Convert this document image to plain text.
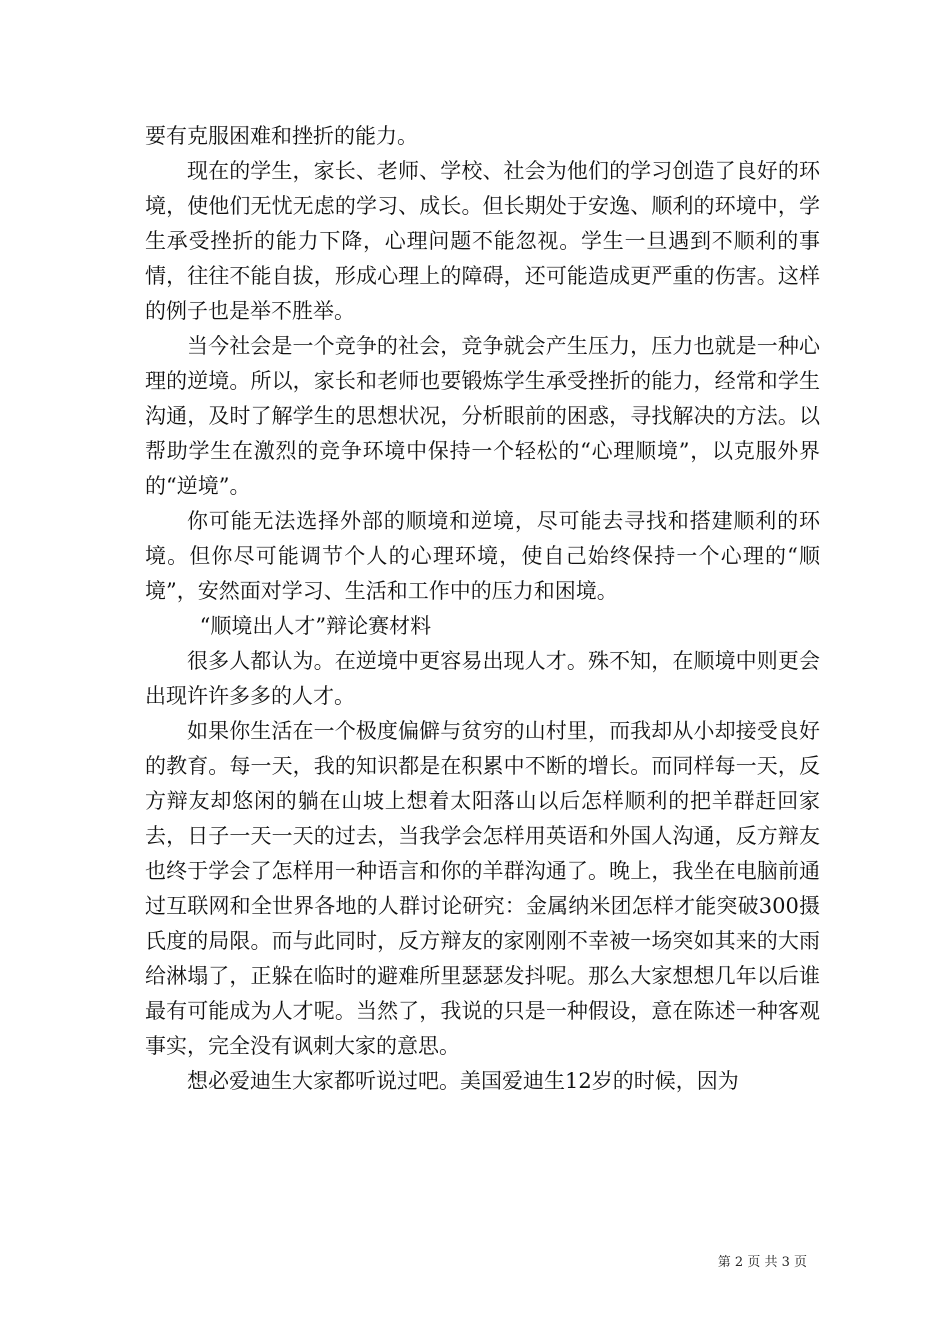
要有克服困难和挫折的能力。

现在的学生，家长、老师、学校、社会为他们的学习创造了良好的环境，使他们无忧无虑的学习、成长。但长期处于安逸、顺利的环境中，学生承受挫折的能力下降，心理问题不能忽视。学生一旦遇到不顺利的事情，往往不能自拔，形成心理上的障碍，还可能造成更严重的伤害。这样的例子也是举不胜举。

当今社会是一个竞争的社会，竞争就会产生压力，压力也就是一种心理的逆境。所以，家长和老师也要锻炼学生承受挫折的能力，经常和学生沟通，及时了解学生的思想状况，分析眼前的困惑，寻找解决的方法。以帮助学生在激烈的竞争环境中保持一个轻松的“心理顺境”，以克服外界的“逆境”。

你可能无法选择外部的顺境和逆境，尽可能去寻找和搭建顺利的环境。但你尽可能调节个人的心理环境，使自己始终保持一个心理的“顺境”，安然面对学习、生活和工作中的压力和困境。

“顺境出人才”辩论赛材料

很多人都认为。在逆境中更容易出现人才。殊不知，在顺境中则更会出现许许多多的人才。

如果你生活在一个极度偏僻与贫穷的山村里，而我却从小却接受良好的教育。每一天，我的知识都是在积累中不断的增长。而同样每一天，反方辩友却悠闲的躺在山坡上想着太阳落山以后怎样顺利的把羊群赶回家去，日子一天一天的过去，当我学会怎样用英语和外国人沟通，反方辩友也终于学会了怎样用一种语言和你的羊群沟通了。晚上，我坐在电脑前通过互联网和全世界各地的人群讨论研究：金属纳米团怎样才能突破300摄氏度的局限。而与此同时，反方辩友的家刚刚不幸被一场突如其来的大雨给淋塌了，正躲在临时的避难所里瑟瑟发抖呢。那么大家想想几年以后谁最有可能成为人才呢。当然了，我说的只是一种假设，意在陈述一种客观事实，完全没有讽刺大家的意思。

想必爱迪生大家都听说过吧。美国爱迪生12岁的时候，因为

第 2 页 共 3 页
